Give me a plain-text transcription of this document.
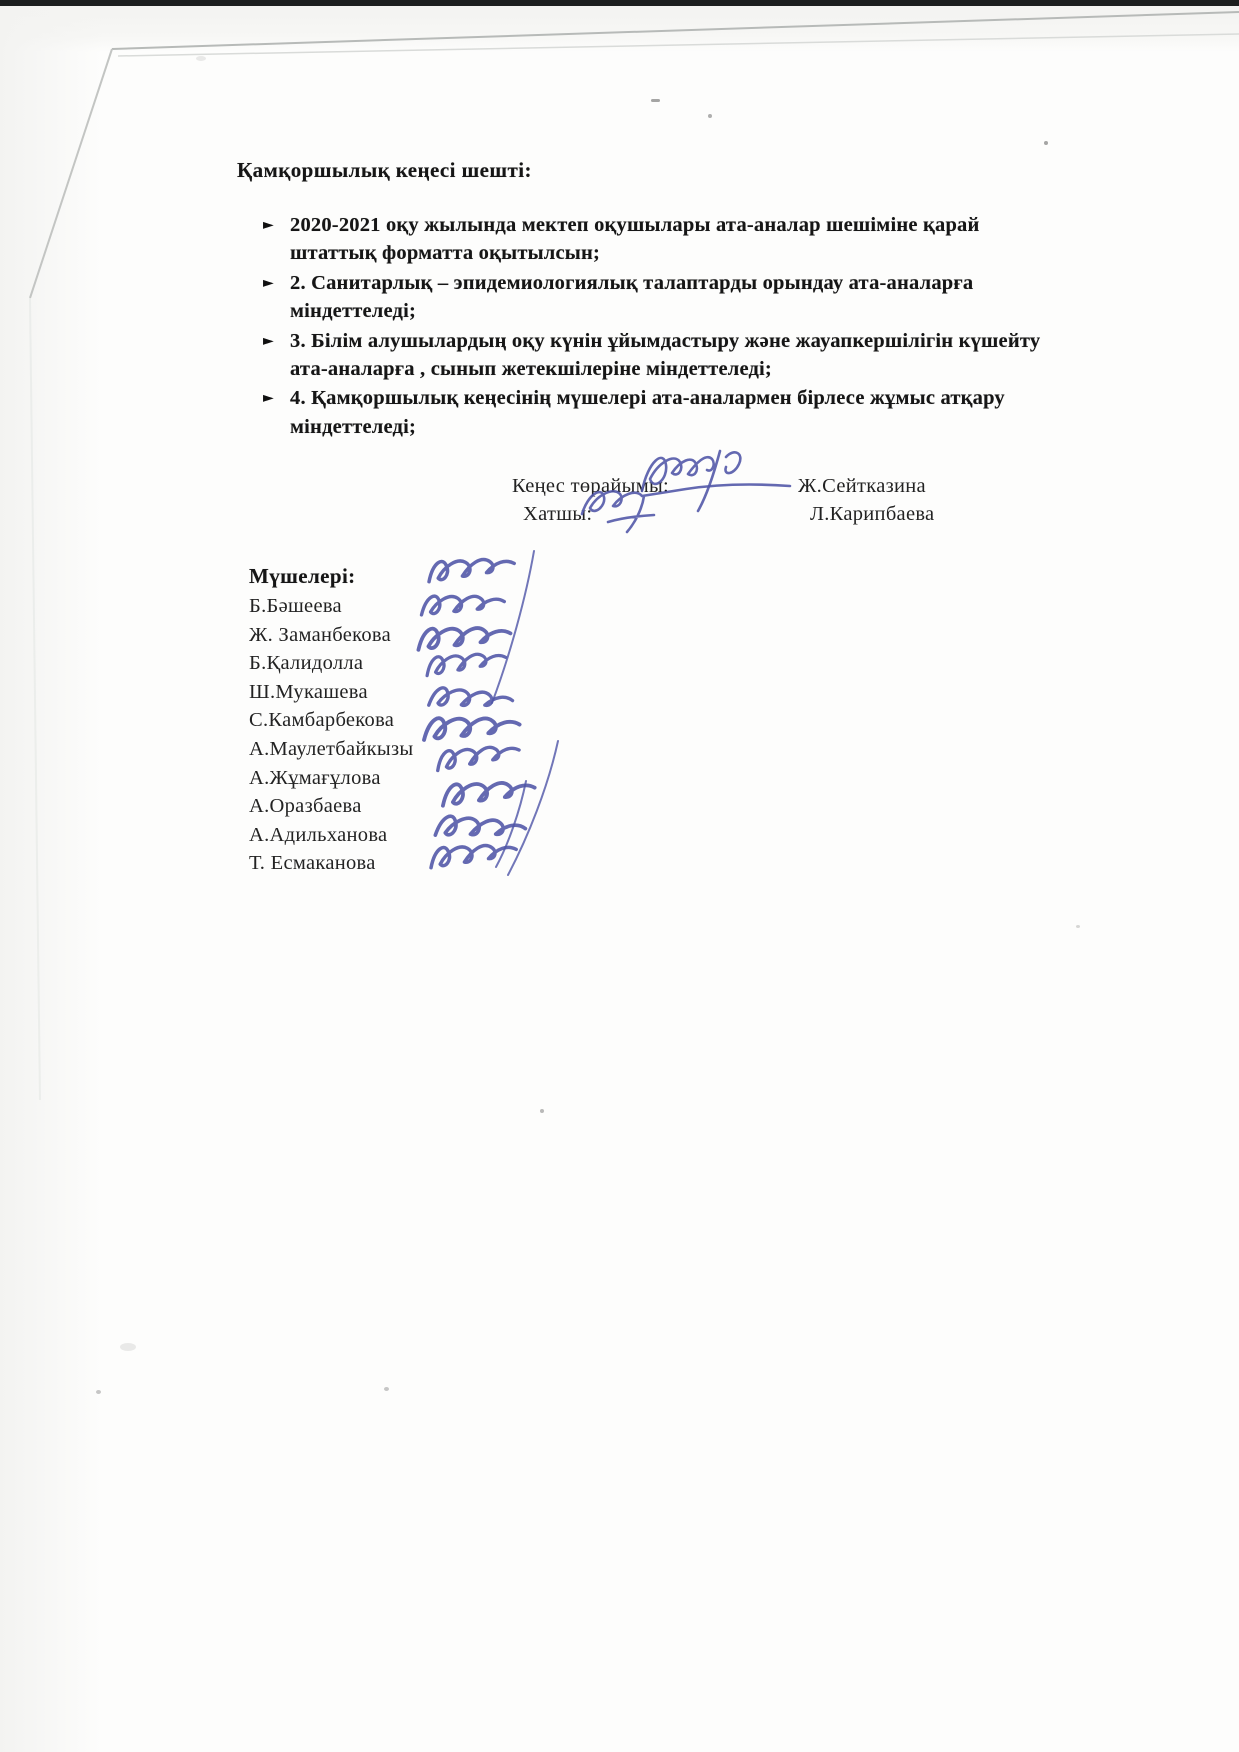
Қамқоршылық кеңесі шешті:
► 2020-2021 оқу жылында мектеп оқушылары ата-аналар шешіміне қарай штаттық форматта оқытылсын;
► 2. Санитарлық – эпидемиологиялық талаптарды орындау ата-аналарға міндеттеледі;
► 3. Білім алушылардың оқу күнін ұйымдастыру және жауапкершілігін күшейту ата-аналарға , сынып жетекшілеріне міндеттеледі;
► 4. Қамқоршылық кеңесінің мүшелері ата-аналармен бірлесе жұмыс атқару міндеттеледі;
Кеңес төрайымы:	Ж.Сейтказина
Хатшы:	Л.Карипбаева
Мүшелері:
Б.Бәшеева
Ж. Заманбекова
Б.Қалидолла
Ш.Мукашева
С.Камбарбекова
А.Маулетбайкызы
А.Жұмағұлова
А.Оразбаева
А.Адильханова
Т. Есмаканова
